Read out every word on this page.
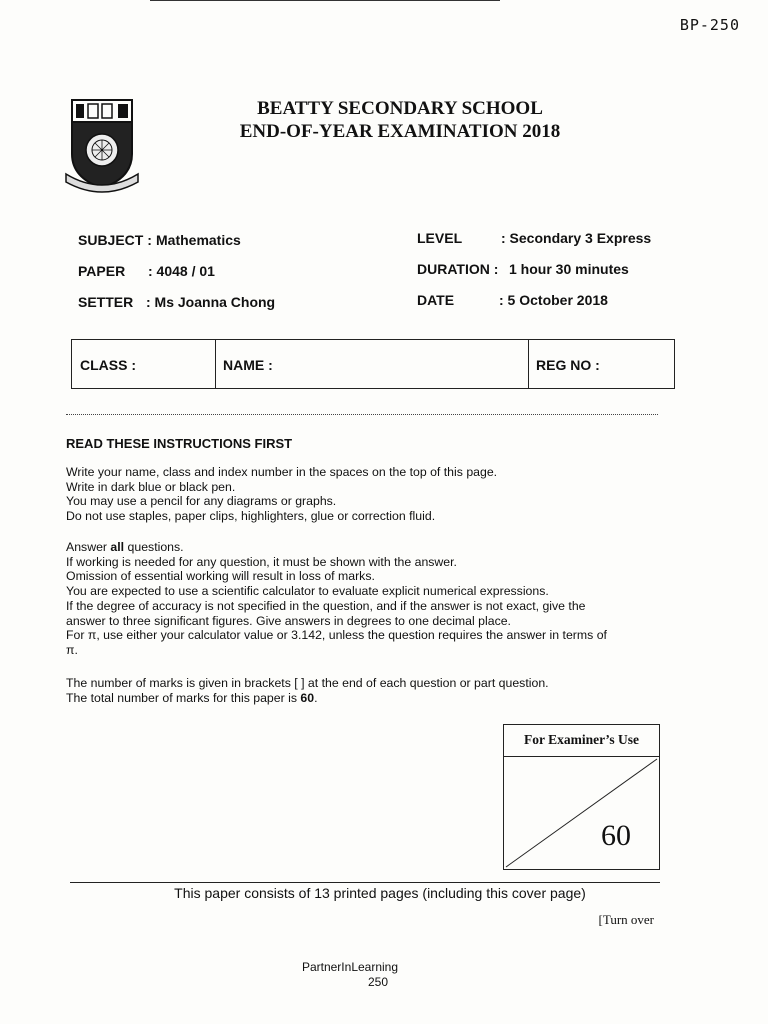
BP-250
BEATTY SECONDARY SCHOOL
END-OF-YEAR EXAMINATION 2018
SUBJECT : Mathematics
PAPER : 4048 / 01
SETTER : Ms Joanna Chong
LEVEL	: Secondary 3 Express
DURATION : 1 hour 30 minutes
DATE	: 5 October 2018
CLASS :	NAME :	REG NO :
READ THESE INSTRUCTIONS FIRST
Write your name, class and index number in the spaces on the top of this page.
Write in dark blue or black pen.
You may use a pencil for any diagrams or graphs.
Do not use staples, paper clips, highlighters, glue or correction fluid.
Answer all questions.
If working is needed for any question, it must be shown with the answer.
Omission of essential working will result in loss of marks.
You are expected to use a scientific calculator to evaluate explicit numerical expressions.
If the degree of accuracy is not specified in the question, and if the answer is not exact, give the
answer to three significant figures. Give answers in degrees to one decimal place.
For π, use either your calculator value or 3.142, unless the question requires the answer in terms of
π.
The number of marks is given in brackets [ ] at the end of each question or part question.
The total number of marks for this paper is 60.
For Examiner’s Use
60
This paper consists of 13 printed pages (including this cover page)
[Turn over
PartnerInLearning
250
